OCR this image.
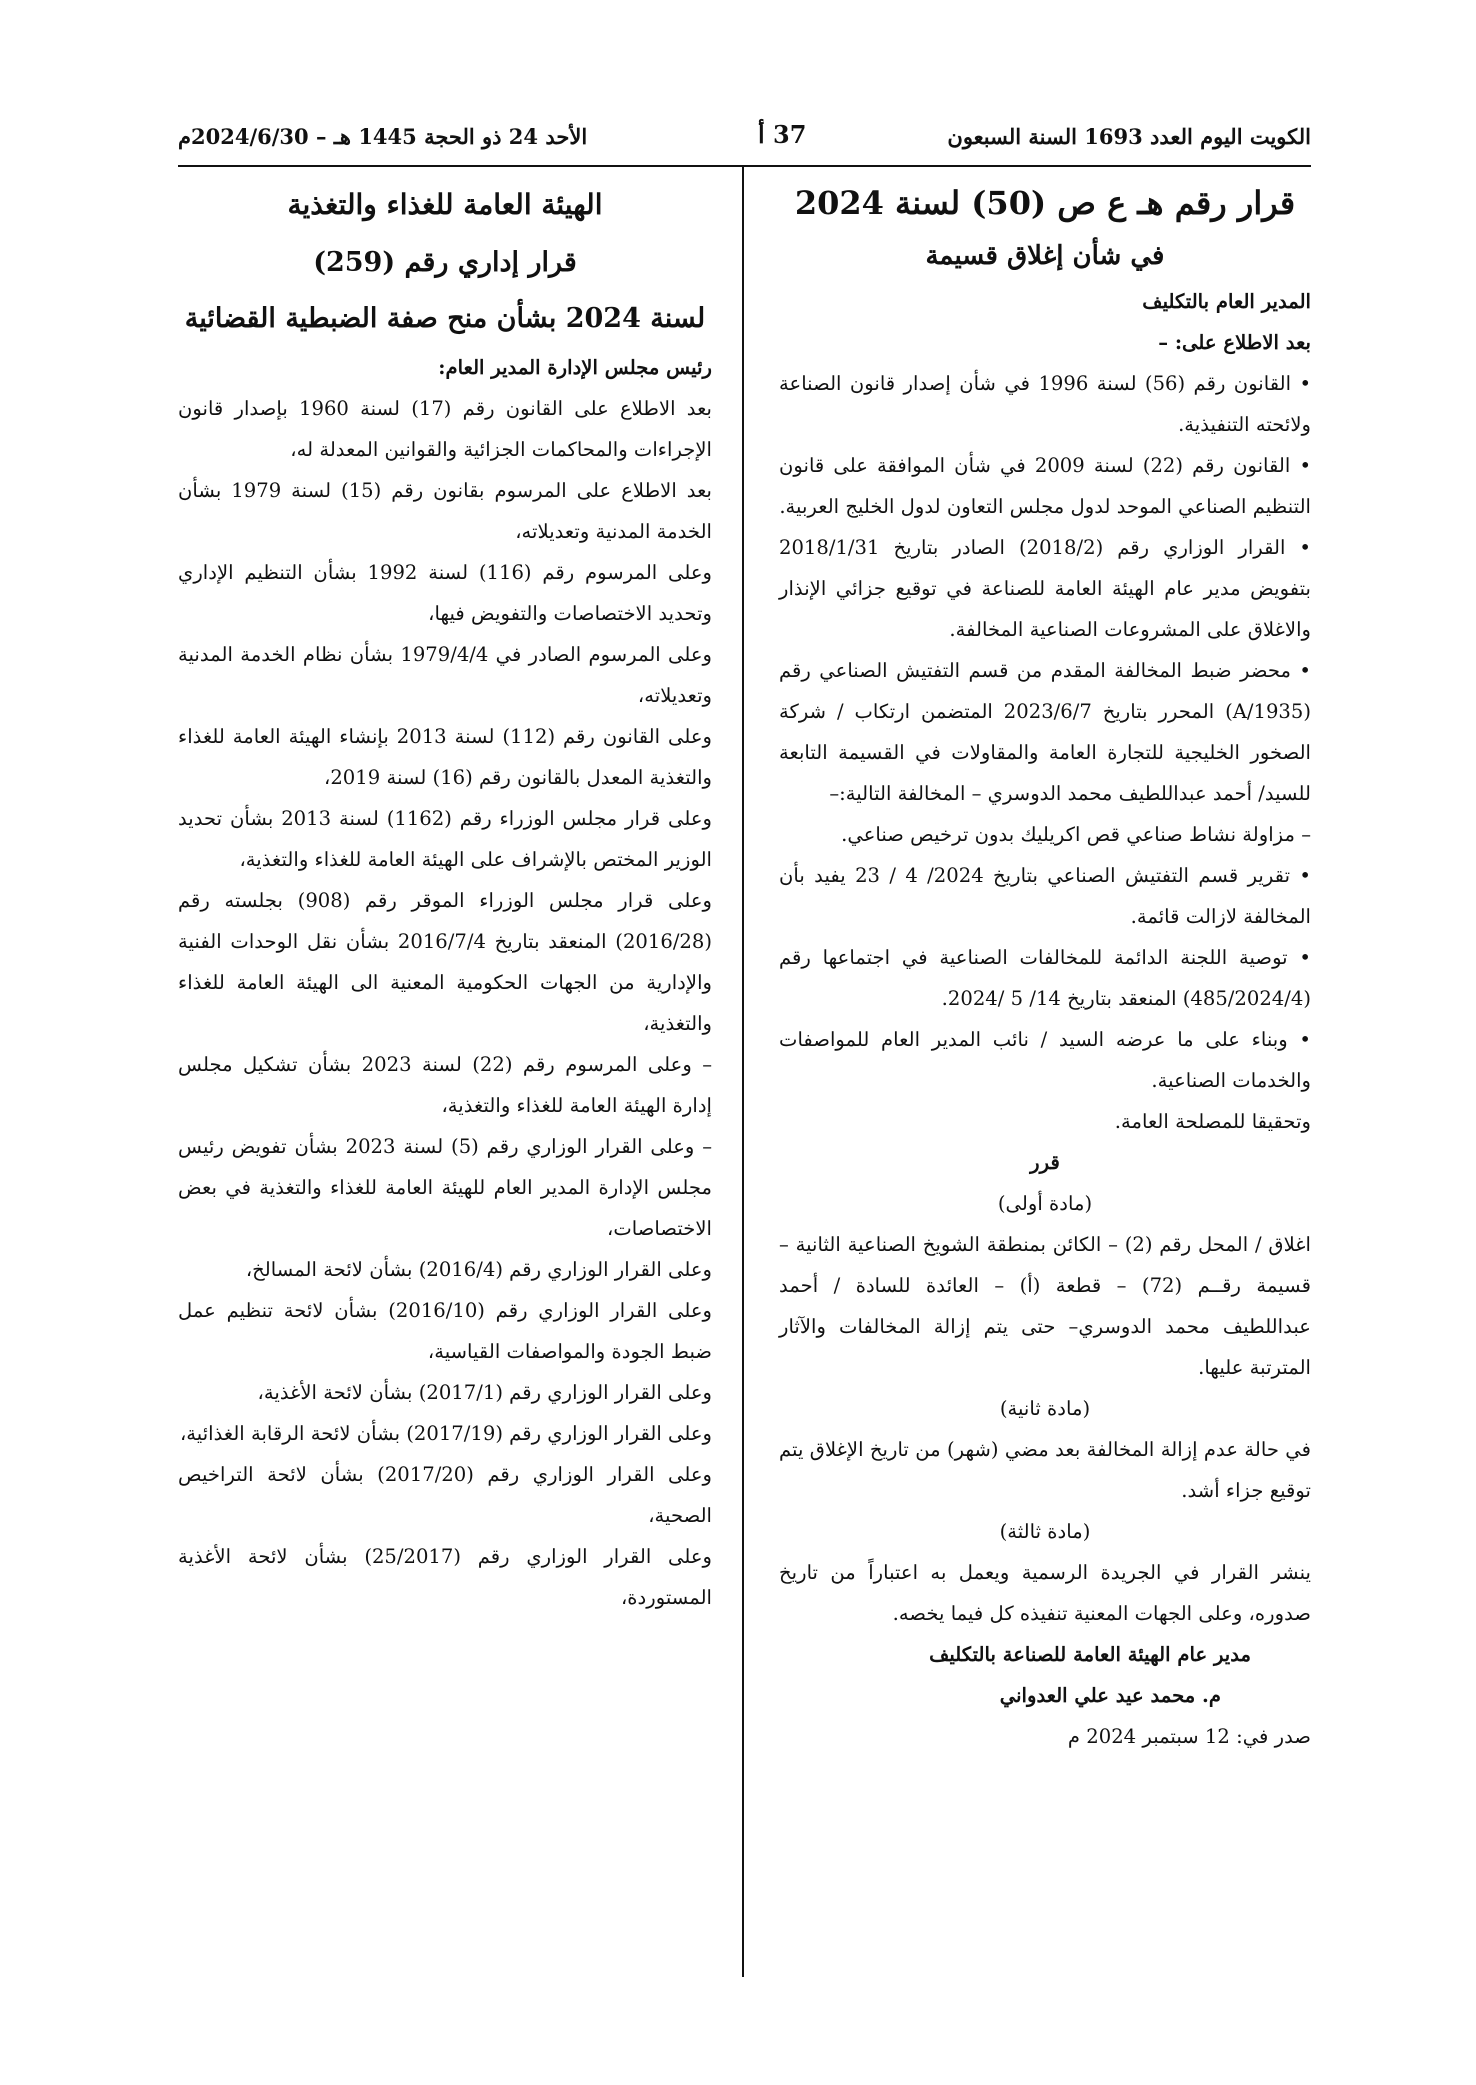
الكويت اليوم العدد 1693 السنة السبعون
37 أ
الأحد 24 ذو الحجة 1445 هـ – 2024/6/30م
قرار رقم هـ ع ص (50) لسنة 2024
في شأن إغلاق قسيمة

المدير العام بالتكليف

بعد الاطلاع على: –

• القانون رقم (56) لسنة 1996 في شأن إصدار قانون الصناعة ولائحته التنفيذية.

• القانون رقم (22) لسنة 2009 في شأن الموافقة على قانون التنظيم الصناعي الموحد لدول مجلس التعاون لدول الخليج العربية.

• القرار الوزاري رقم (2018/2) الصادر بتاريخ 2018/1/31 بتفويض مدير عام الهيئة العامة للصناعة في توقيع جزائي الإنذار والاغلاق على المشروعات الصناعية المخالفة.

• محضر ضبط المخالفة المقدم من قسم التفتيش الصناعي رقم (A/1935) المحرر بتاريخ 2023/6/7 المتضمن ارتكاب / شركة الصخور الخليجية للتجارة العامة والمقاولات في القسيمة التابعة للسيد/ أحمد عبداللطيف محمد الدوسري – المخالفة التالية:–

– مزاولة نشاط صناعي قص اكريليك بدون ترخيص صناعي.

• تقرير قسم التفتيش الصناعي بتاريخ 2024/ 4 / 23 يفيد بأن المخالفة لازالت قائمة.

• توصية اللجنة الدائمة للمخالفات الصناعية في اجتماعها رقم (485/2024/4) المنعقد بتاريخ 14/ 5 /2024.

• وبناء على ما عرضه السيد / نائب المدير العام للمواصفات والخدمات الصناعية.

وتحقيقا للمصلحة العامة.

قرر

(مادة أولى)

اغلاق / المحل رقم (2) – الكائن بمنطقة الشويخ الصناعية الثانية – قسيمة رقــم (72) – قطعة (أ) – العائدة للسادة / أحمد عبداللطيف محمد الدوسري– حتى يتم إزالة المخالفات والآثار المترتبة عليها.

(مادة ثانية)

في حالة عدم إزالة المخالفة بعد مضي (شهر) من تاريخ الإغلاق يتم توقيع جزاء أشد.

(مادة ثالثة)

ينشر القرار في الجريدة الرسمية ويعمل به اعتباراً من تاريخ صدوره، وعلى الجهات المعنية تنفيذه كل فيما يخصه.

مدير عام الهيئة العامة للصناعة بالتكليف

م. محمد عيد علي العدواني

صدر في: 12 سبتمبر 2024 م

الهيئة العامة للغذاء والتغذية
قرار إداري رقم (259)
لسنة 2024 بشأن منح صفة الضبطية القضائية

رئيس مجلس الإدارة المدير العام:

بعد الاطلاع على القانون رقم (17) لسنة 1960 بإصدار قانون الإجراءات والمحاكمات الجزائية والقوانين المعدلة له،

بعد الاطلاع على المرسوم بقانون رقم (15) لسنة 1979 بشأن الخدمة المدنية وتعديلاته،

وعلى المرسوم رقم (116) لسنة 1992 بشأن التنظيم الإداري وتحديد الاختصاصات والتفويض فيها،

وعلى المرسوم الصادر في 1979/4/4 بشأن نظام الخدمة المدنية وتعديلاته،

وعلى القانون رقم (112) لسنة 2013 بإنشاء الهيئة العامة للغذاء والتغذية المعدل بالقانون رقم (16) لسنة 2019،

وعلى قرار مجلس الوزراء رقم (1162) لسنة 2013 بشأن تحديد الوزير المختص بالإشراف على الهيئة العامة للغذاء والتغذية،

وعلى قرار مجلس الوزراء الموقر رقم (908) بجلسته رقم (2016/28) المنعقد بتاريخ 2016/7/4 بشأن نقل الوحدات الفنية والإدارية من الجهات الحكومية المعنية الى الهيئة العامة للغذاء والتغذية،

– وعلى المرسوم رقم (22) لسنة 2023 بشأن تشكيل مجلس إدارة الهيئة العامة للغذاء والتغذية،

– وعلى القرار الوزاري رقم (5) لسنة 2023 بشأن تفويض رئيس مجلس الإدارة المدير العام للهيئة العامة للغذاء والتغذية في بعض الاختصاصات،

وعلى القرار الوزاري رقم (2016/4) بشأن لائحة المسالخ،

وعلى القرار الوزاري رقم (2016/10) بشأن لائحة تنظيم عمل ضبط الجودة والمواصفات القياسية،

وعلى القرار الوزاري رقم (2017/1) بشأن لائحة الأغذية،

وعلى القرار الوزاري رقم (2017/19) بشأن لائحة الرقابة الغذائية،

وعلى القرار الوزاري رقم (2017/20) بشأن لائحة التراخيص الصحية،

وعلى القرار الوزاري رقم (25/2017) بشأن لائحة الأغذية المستوردة،
